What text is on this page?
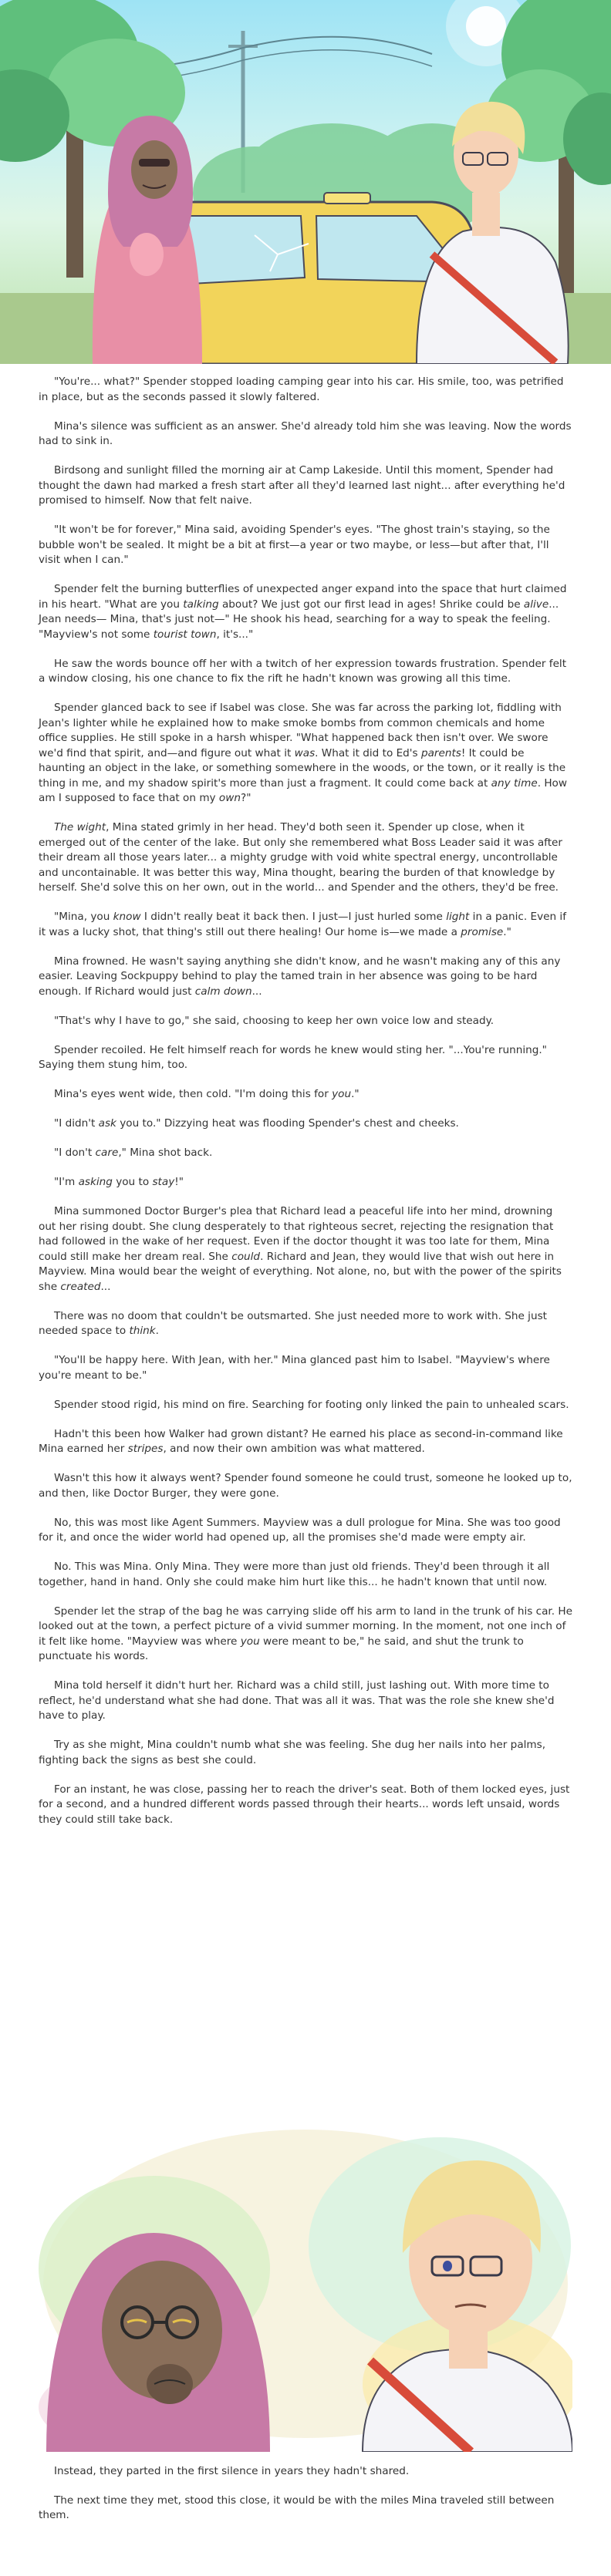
"You're... what?" Spender stopped loading camping gear into his car. His smile, too, was petrified in place, but as the seconds passed it slowly faltered.

Mina's silence was sufficient as an answer. She'd already told him she was leaving. Now the words had to sink in.

Birdsong and sunlight filled the morning air at Camp Lakeside. Until this moment, Spender had thought the dawn had marked a fresh start after all they'd learned last night... after everything he'd promised to himself. Now that felt naive.

"It won't be for forever," Mina said, avoiding Spender's eyes. "The ghost train's staying, so the bubble won't be sealed. It might be a bit at first—a year or two maybe, or less—but after that, I'll visit when I can."

Spender felt the burning butterflies of unexpected anger expand into the space that hurt claimed in his heart. "What are you talking about? We just got our first lead in ages! Shrike could be alive... Jean needs— Mina, that's just not—" He shook his head, searching for a way to speak the feeling. "Mayview's not some tourist town, it's..."

He saw the words bounce off her with a twitch of her expression towards frustration. Spender felt a window closing, his one chance to fix the rift he hadn't known was growing all this time.

Spender glanced back to see if Isabel was close. She was far across the parking lot, fiddling with Jean's lighter while he explained how to make smoke bombs from common chemicals and home office supplies. He still spoke in a harsh whisper. "What happened back then isn't over. We swore we'd find that spirit, and—and figure out what it was. What it did to Ed's parents! It could be haunting an object in the lake, or something somewhere in the woods, or the town, or it really is the thing in me, and my shadow spirit's more than just a fragment. It could come back at any time. How am I supposed to face that on my own?"

The wight, Mina stated grimly in her head. They'd both seen it. Spender up close, when it emerged out of the center of the lake. But only she remembered what Boss Leader said it was after their dream all those years later... a mighty grudge with void white spectral energy, uncontrollable and uncontainable. It was better this way, Mina thought, bearing the burden of that knowledge by herself. She'd solve this on her own, out in the world... and Spender and the others, they'd be free.

"Mina, you know I didn't really beat it back then. I just—I just hurled some light in a panic. Even if it was a lucky shot, that thing's still out there healing! Our home is—we made a promise."

Mina frowned. He wasn't saying anything she didn't know, and he wasn't making any of this any easier. Leaving Sockpuppy behind to play the tamed train in her absence was going to be hard enough. If Richard would just calm down...

"That's why I have to go," she said, choosing to keep her own voice low and steady.

Spender recoiled. He felt himself reach for words he knew would sting her. "...You're running." Saying them stung him, too.

Mina's eyes went wide, then cold. "I'm doing this for you."

"I didn't ask you to." Dizzying heat was flooding Spender's chest and cheeks.

"I don't care," Mina shot back.

"I'm asking you to stay!"

Mina summoned Doctor Burger's plea that Richard lead a peaceful life into her mind, drowning out her rising doubt. She clung desperately to that righteous secret, rejecting the resignation that had followed in the wake of her request. Even if the doctor thought it was too late for them, Mina could still make her dream real. She could. Richard and Jean, they would live that wish out here in Mayview. Mina would bear the weight of everything. Not alone, no, but with the power of the spirits she created...

There was no doom that couldn't be outsmarted. She just needed more to work with. She just needed space to think.

"You'll be happy here. With Jean, with her." Mina glanced past him to Isabel. "Mayview's where you're meant to be."

Spender stood rigid, his mind on fire. Searching for footing only linked the pain to unhealed scars.

Hadn't this been how Walker had grown distant? He earned his place as second-in-command like Mina earned her stripes, and now their own ambition was what mattered.

Wasn't this how it always went? Spender found someone he could trust, someone he looked up to, and then, like Doctor Burger, they were gone.

No, this was most like Agent Summers. Mayview was a dull prologue for Mina. She was too good for it, and once the wider world had opened up, all the promises she'd made were empty air.

No. This was Mina. Only Mina. They were more than just old friends. They'd been through it all together, hand in hand. Only she could make him hurt like this... he hadn't known that until now.

Spender let the strap of the bag he was carrying slide off his arm to land in the trunk of his car. He looked out at the town, a perfect picture of a vivid summer morning. In the moment, not one inch of it felt like home. "Mayview was where you were meant to be," he said, and shut the trunk to punctuate his words.

Mina told herself it didn't hurt her. Richard was a child still, just lashing out. With more time to reflect, he'd understand what she had done. That was all it was. That was the role she knew she'd have to play.

Try as she might, Mina couldn't numb what she was feeling. She dug her nails into her palms, fighting back the signs as best she could.

For an instant, he was close, passing her to reach the driver's seat. Both of them locked eyes, just for a second, and a hundred different words passed through their hearts... words left unsaid, words they could still take back.

Instead, they parted in the first silence in years they hadn't shared.

The next time they met, stood this close, it would be with the miles Mina traveled still between them.
